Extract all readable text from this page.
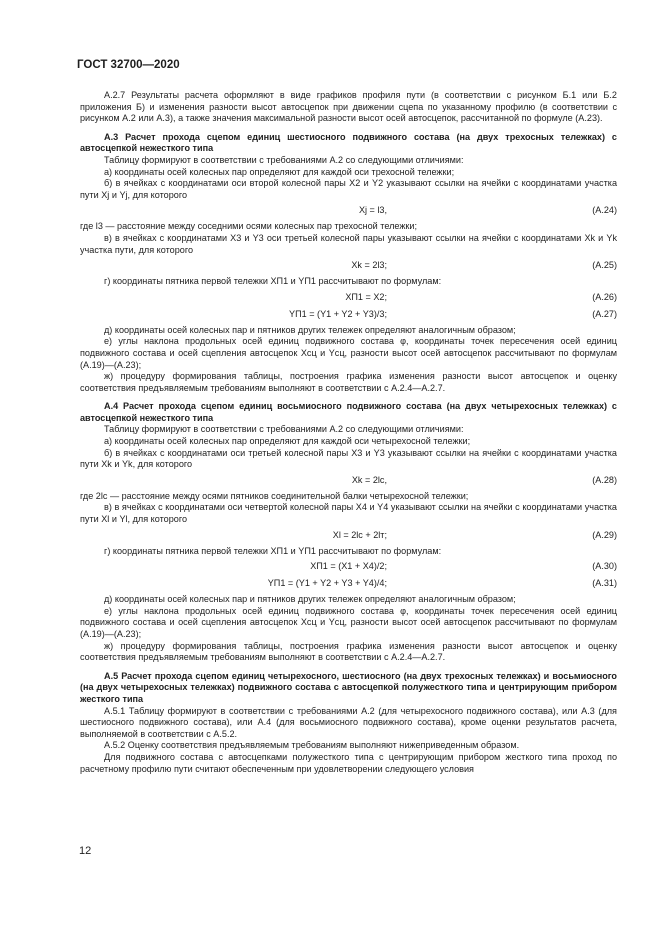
ГОСТ 32700—2020

А.2.7 Результаты расчета оформляют в виде графиков профиля пути (в соответствии с рисунком Б.1 или Б.2 приложения Б) и изменения разности высот автосцепок при движении сцепа по указанному профилю (в соответствии с рисунком А.2 или А.3), а также значения максимальной разности высот осей автосцепок, рассчитанной по формуле (А.23).

А.3 Расчет прохода сцепом единиц шестиосного подвижного состава (на двух трехосных тележках) с автосцепкой нежесткого типа

Таблицу формируют в соответствии с требованиями А.2 со следующими отличиями:

а) координаты осей колесных пар определяют для каждой оси трехосной тележки;

б) в ячейках с координатами оси второй колесной пары X2 и Y2 указывают ссылки на ячейки с координатами участка пути Xj и Yj, для которого

Xj = l3,	(А.24)

где l3 — расстояние между соседними осями колесных пар трехосной тележки;

в) в ячейках с координатами X3 и Y3 оси третьей колесной пары указывают ссылки на ячейки с координатами Xk и Yk участка пути, для которого

Xk = 2l3;	(А.25)

г) координаты пятника первой тележки XП1 и YП1 рассчитывают по формулам:

XП1 = X2;	(А.26)
YП1 = (Y1 + Y2 + Y3)/3;	(А.27)

д) координаты осей колесных пар и пятников других тележек определяют аналогичным образом;

е) углы наклона продольных осей единиц подвижного состава φ, координаты точек пересечения осей единиц подвижного состава и осей сцепления автосцепок Xсц и Yсц, разности высот осей автосцепок рассчитывают по формулам (А.19)—(А.23);

ж) процедуру формирования таблицы, построения графика изменения разности высот автосцепок и оценку соответствия предъявляемым требованиям выполняют в соответствии с А.2.4—А.2.7.

А.4 Расчет прохода сцепом единиц восьмиосного подвижного состава (на двух четырехосных тележках) с автосцепкой нежесткого типа

Таблицу формируют в соответствии с требованиями А.2 со следующими отличиями:

а) координаты осей колесных пар определяют для каждой оси четырехосной тележки;

б) в ячейках с координатами оси третьей колесной пары X3 и Y3 указывают ссылки на ячейки с координатами участка пути Xk и Yk, для которого

Xk = 2lс,	(А.28)

где 2lс — расстояние между осями пятников соединительной балки четырехосной тележки;

в) в ячейках с координатами оси четвертой колесной пары X4 и Y4 указывают ссылки на ячейки с координатами участка пути Xl и Yl, для которого

Xl = 2lс + 2lт;	(А.29)

г) координаты пятника первой тележки XП1 и YП1 рассчитывают по формулам:

XП1 = (X1 + X4)/2;	(А.30)
YП1 = (Y1 + Y2 + Y3 + Y4)/4;	(А.31)

д) координаты осей колесных пар и пятников других тележек определяют аналогичным образом;

е) углы наклона продольных осей единиц подвижного состава φ, координаты точек пересечения осей единиц подвижного состава и осей сцепления автосцепок Xсц и Yсц, разности высот осей автосцепок рассчитывают по формулам (А.19)—(А.23);

ж) процедуру формирования таблицы, построения графика изменения разности высот автосцепок и оценку соответствия предъявляемым требованиям выполняют в соответствии с А.2.4—А.2.7.

А.5 Расчет прохода сцепом единиц четырехосного, шестиосного (на двух трехосных тележках) и восьмиосного (на двух четырехосных тележках) подвижного состава с автосцепкой полужесткого типа и центрирующим прибором жесткого типа

А.5.1 Таблицу формируют в соответствии с требованиями А.2 (для четырехосного подвижного состава), или А.3 (для шестиосного подвижного состава), или А.4 (для восьмиосного подвижного состава), кроме оценки результатов расчета, выполняемой в соответствии с А.5.2.

А.5.2 Оценку соответствия предъявляемым требованиям выполняют нижеприведенным образом.

Для подвижного состава с автосцепками полужесткого типа с центрирующим прибором жесткого типа проход по расчетному профилю пути считают обеспеченным при удовлетворении следующего условия

12
